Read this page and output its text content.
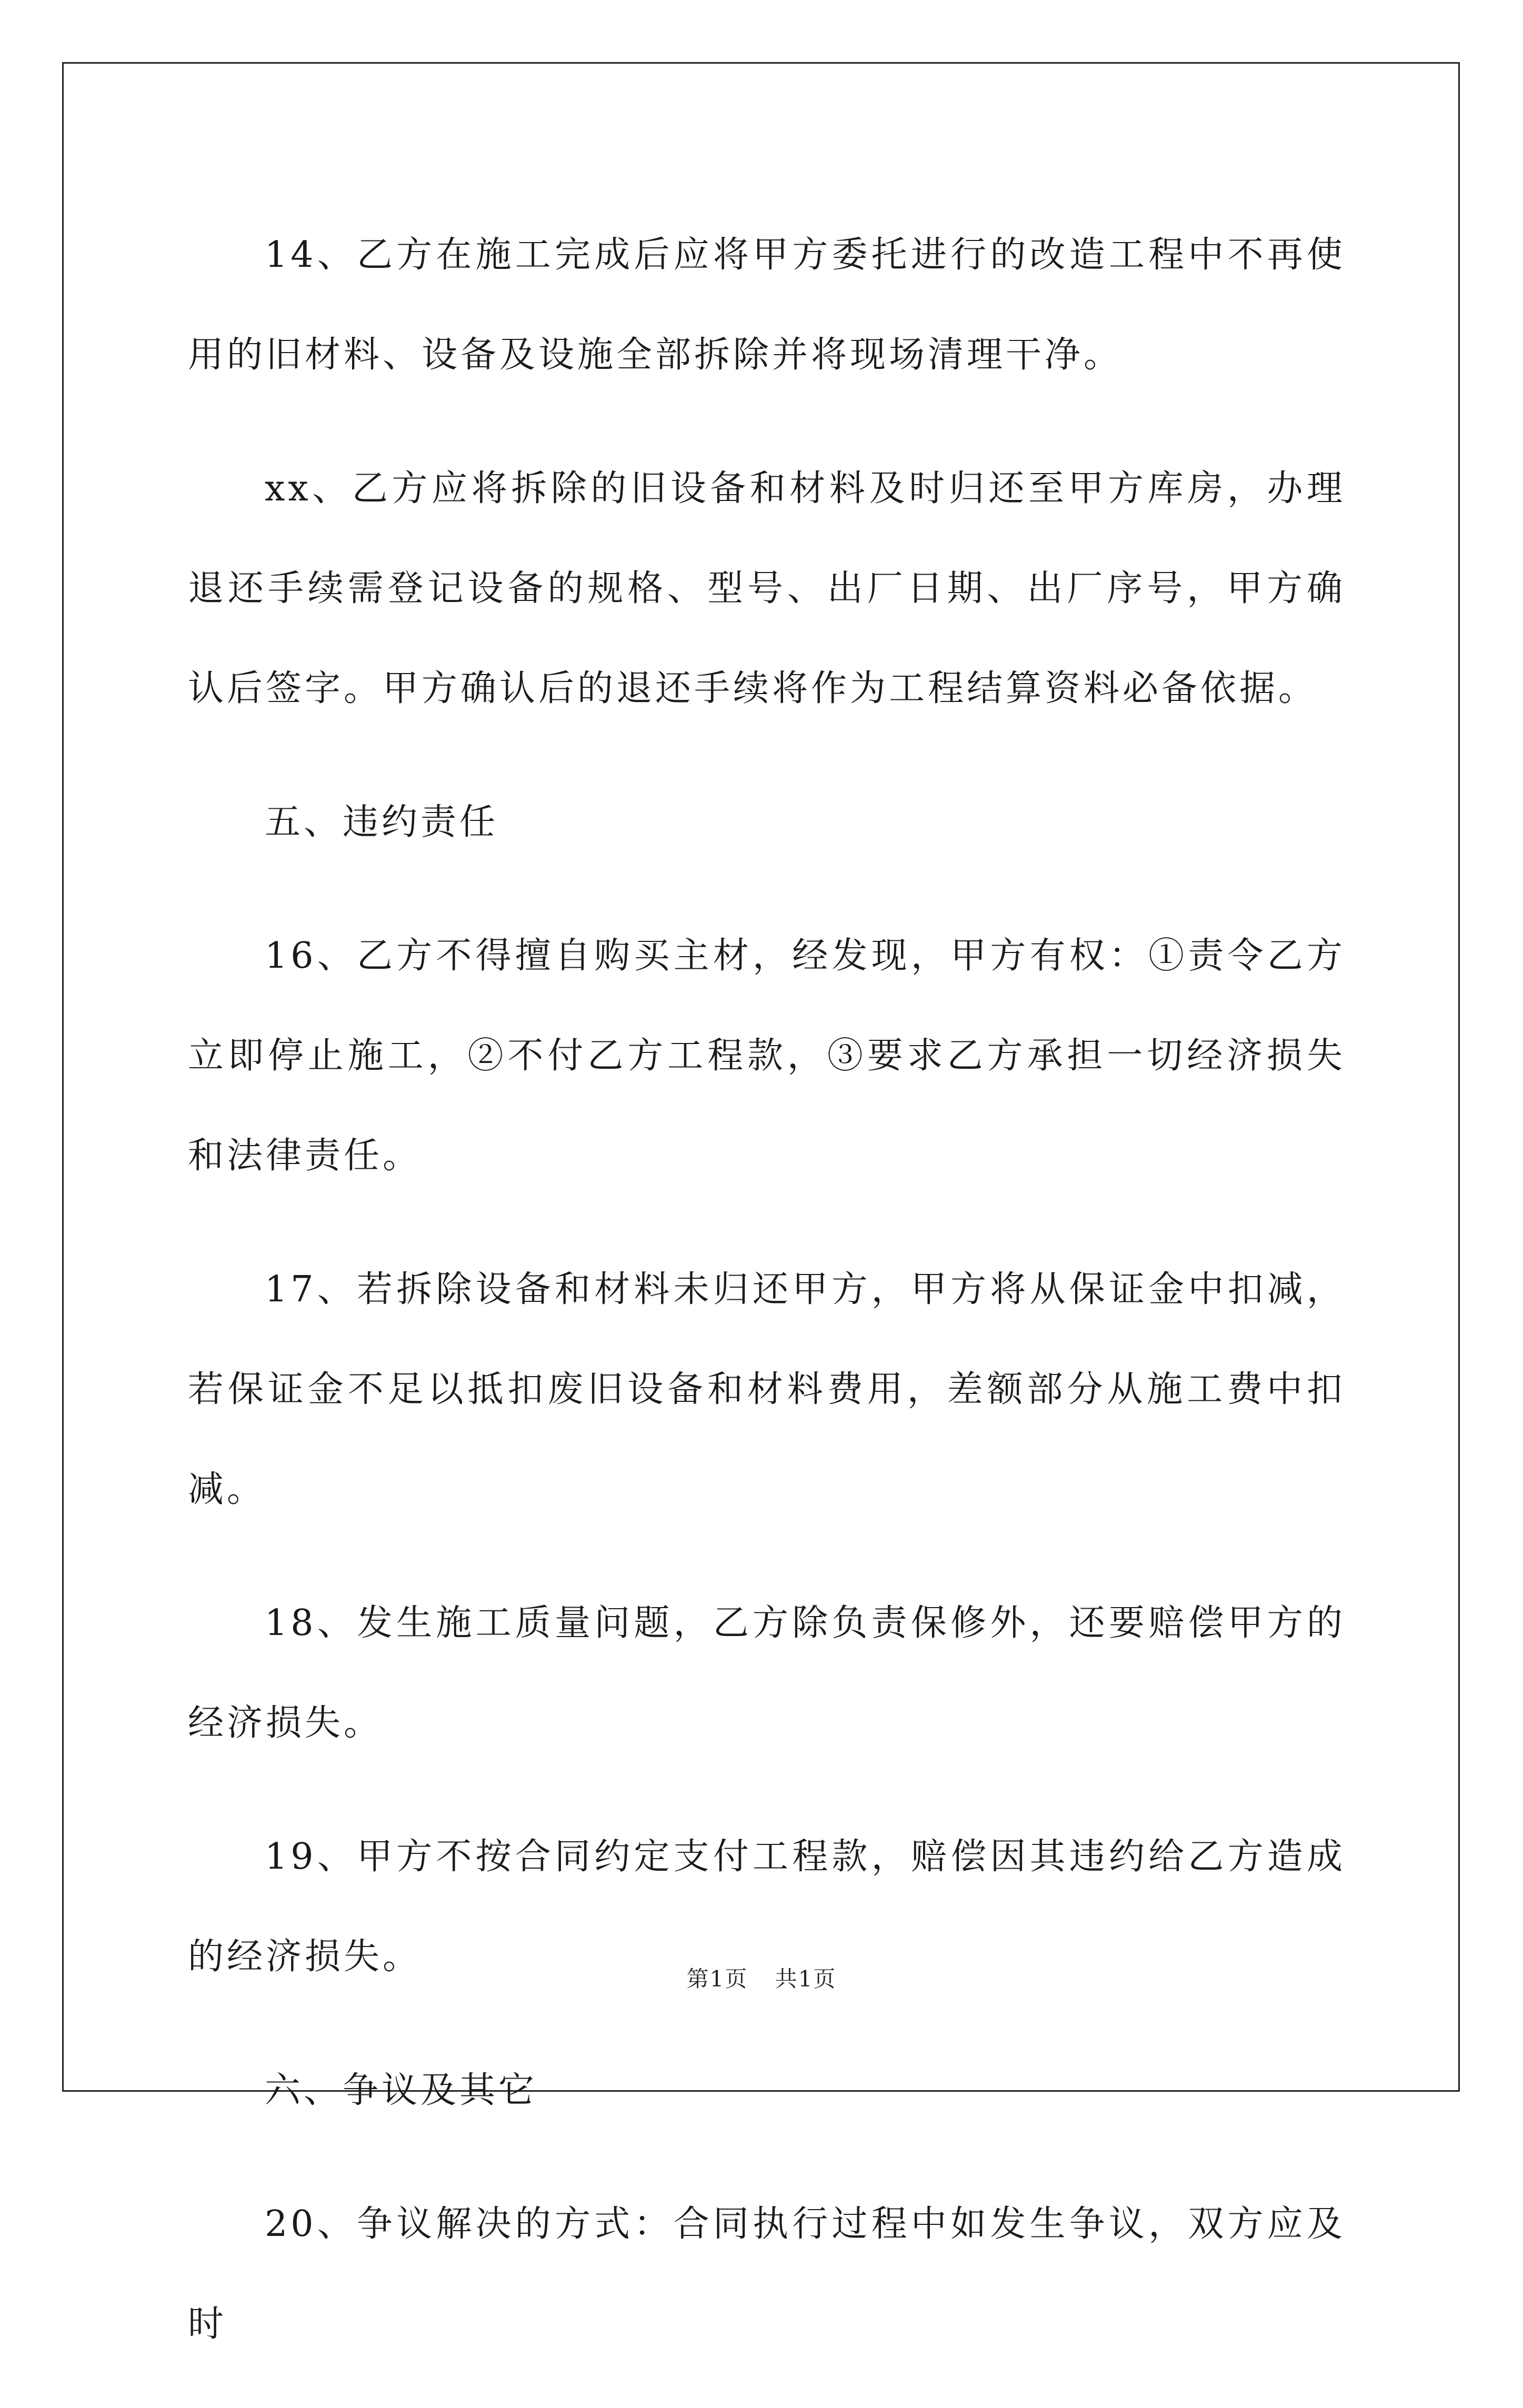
14、乙方在施工完成后应将甲方委托进行的改造工程中不再使用的旧材料、设备及设施全部拆除并将现场清理干净。

xx、乙方应将拆除的旧设备和材料及时归还至甲方库房，办理退还手续需登记设备的规格、型号、出厂日期、出厂序号，甲方确认后签字。甲方确认后的退还手续将作为工程结算资料必备依据。

五、违约责任

16、乙方不得擅自购买主材，经发现，甲方有权：①责令乙方立即停止施工，②不付乙方工程款，③要求乙方承担一切经济损失和法律责任。

17、若拆除设备和材料未归还甲方，甲方将从保证金中扣减，若保证金不足以抵扣废旧设备和材料费用，差额部分从施工费中扣减。

18、发生施工质量问题，乙方除负责保修外，还要赔偿甲方的经济损失。

19、甲方不按合同约定支付工程款，赔偿因其违约给乙方造成的经济损失。

六、争议及其它

20、争议解决的方式：合同执行过程中如发生争议，双方应及时

第1页 共1页
